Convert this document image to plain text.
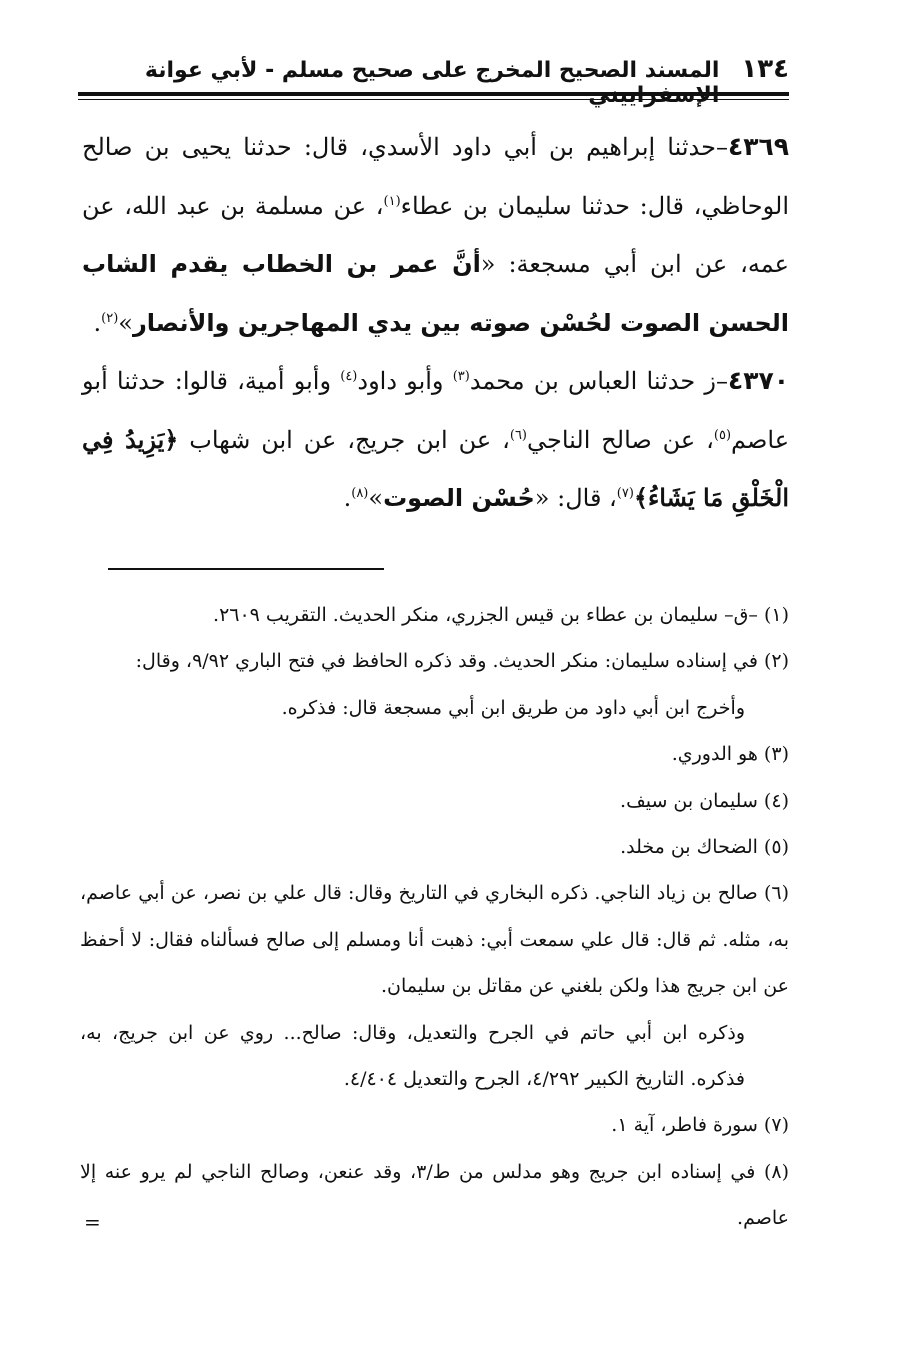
١٣٤
المسند الصحيح المخرج على صحيح مسلم - لأبي عوانة

٤٣٦٩–حدثنا إبراهيم بن أبي داود الأسدي، قال: حدثنا يحيى بن صالح الوحاظي، قال: حدثنا سليمان بن عطاء$^{(١)}$، عن مسلمة بن عبد الله، عن عمه، عن ابن أبي مسجعة: «أنَّ عمر بن الخطاب يقدم الشاب الحسن الصوت لحُسْن صوته بين يدي المهاجرين والأنصار»$^{(٢)}$.

٤٣٧٠–ز حدثنا العباس بن محمد$^{(٣)}$ وأبو داود$^{(٤)}$ وأبو أمية، قالوا: حدثنا أبو عاصم$^{(٥)}$، عن صالح الناجي$^{(٦)}$، عن ابن جريج، عن ابن شهاب ﴿يَزِيدُ فِي الْخَلْقِ مَا يَشَاءُ﴾$^{(٧)}$، قال: «حُسْن الصوت»$^{(٨)}$.

(١) –ق– سليمان بن عطاء بن قيس الجزري، منكر الحديث. التقريب ٢٦٠٩.

(٢) في إسناده سليمان: منكر الحديث. وقد ذكره الحافظ في فتح الباري ٩/٩٢، وقال:

وأخرج ابن أبي داود من طريق ابن أبي مسجعة قال: فذكره.

(٣) هو الدوري.

(٤) سليمان بن سيف.

(٥) الضحاك بن مخلد.

(٦) صالح بن زياد الناجي. ذكره البخاري في التاريخ وقال: قال علي بن نصر، عن أبي عاصم، به، مثله. ثم قال: قال علي سمعت أبي: ذهبت أنا ومسلم إلى صالح فسألناه فقال: لا أحفظ عن ابن جريج هذا ولكن بلغني عن مقاتل بن سليمان.

وذكره ابن أبي حاتم في الجرح والتعديل، وقال: صالح... روي عن ابن جريج، به، فذكره. التاريخ الكبير ٤/٢٩٢، الجرح والتعديل ٤/٤٠٤.

(٧) سورة فاطر، آية ١.

(٨) في إسناده ابن جريج وهو مدلس من ط/٣، وقد عنعن، وصالح الناجي لم يرو عنه إلا عاصم.

=
